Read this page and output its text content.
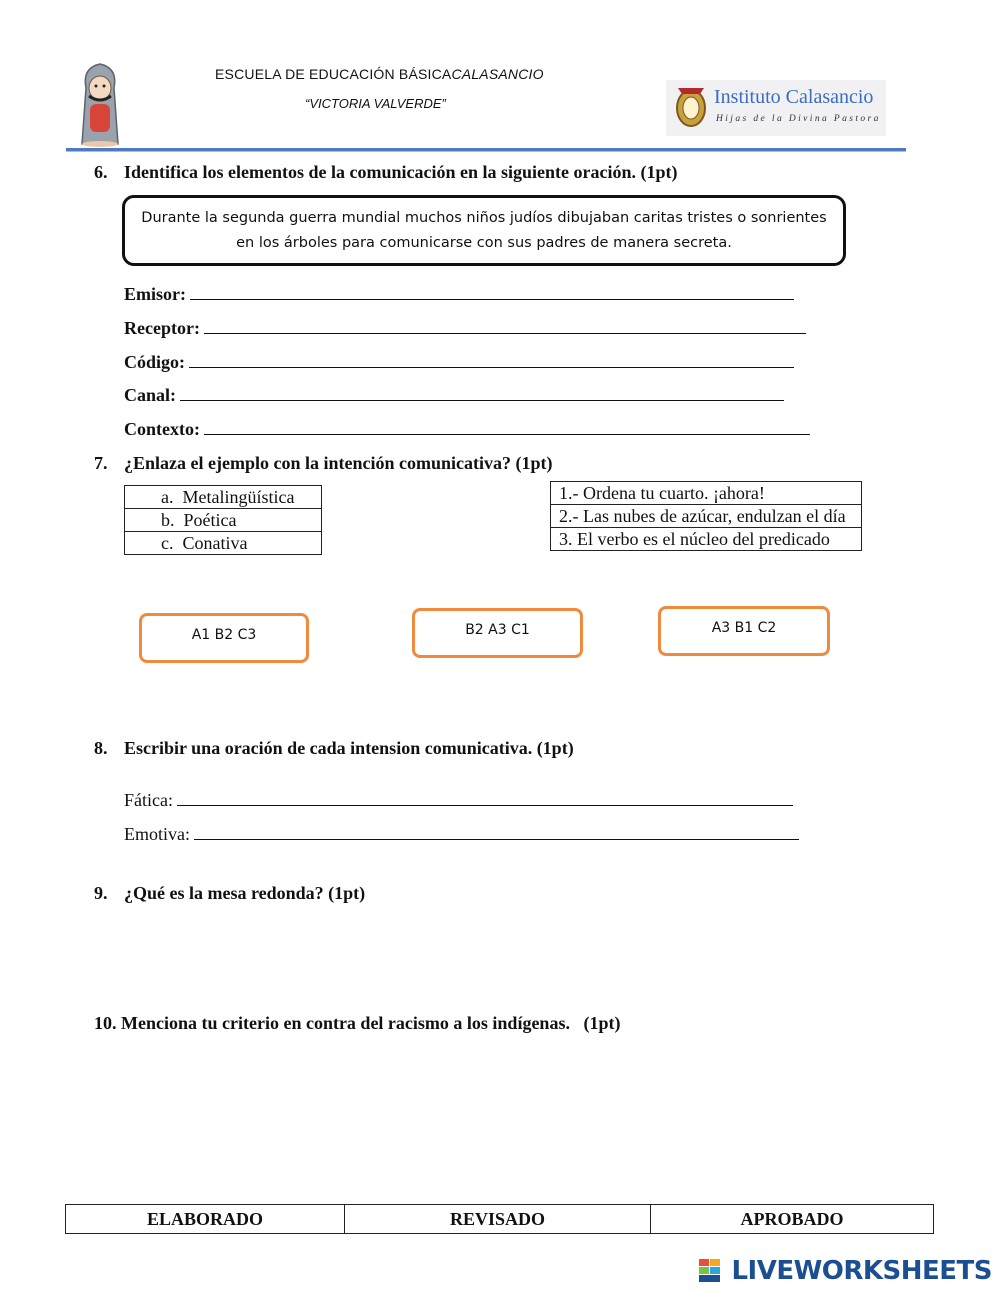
ESCUELA DE EDUCACIÓN BÁSICACALASANCIO
“VICTORIA VALVERDE”	Instituto Calasancio
Hijas de la Divina Pastora
6. Identifica los elementos de la comunicación en la siguiente oración. (1pt)
Durante la segunda guerra mundial muchos niños judíos dibujaban caritas tristes o sonrientes
en los árboles para comunicarse con sus padres de manera secreta.
Emisor:
Receptor:
Código:
Canal:
Contexto:
7. ¿Enlaza el ejemplo con la intención comunicativa? (1pt)
a. Metalingüística
b. Poética
c. Conativa
1.- Ordena tu cuarto. ¡ahora!
2.- Las nubes de azúcar, endulzan el día
3. El verbo es el núcleo del predicado
A1 B2 C3	B2 A3 C1	A3 B1 C2
8. Escribir una oración de cada intension comunicativa. (1pt)
Fática:
Emotiva:
9. ¿Qué es la mesa redonda? (1pt)
10. Menciona tu criterio en contra del racismo a los indígenas.   (1pt)
ELABORADO	REVISADO	APROBADO
LIVEWORKSHEETS
